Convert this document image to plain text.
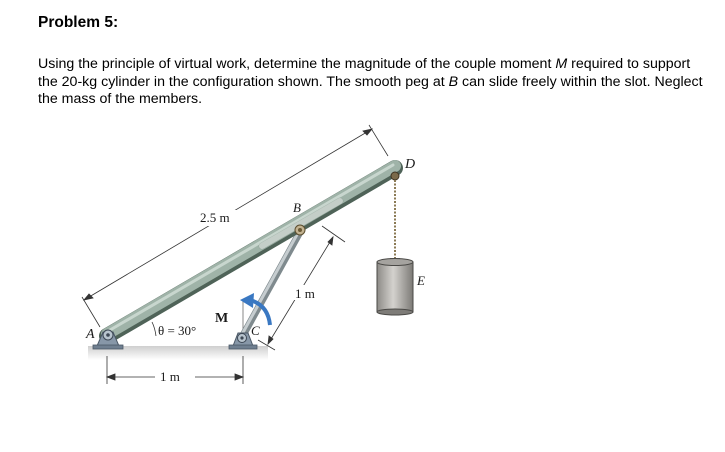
Problem 5:

Using the principle of virtual work, determine the magnitude of the couple moment M required to support the 20-kg cylinder in the configuration shown. The smooth peg at B can slide freely within the slot. Neglect the mass of the members.

2.5 m
1 m
1 m
M
θ = 30°
A
B
C
D
E
